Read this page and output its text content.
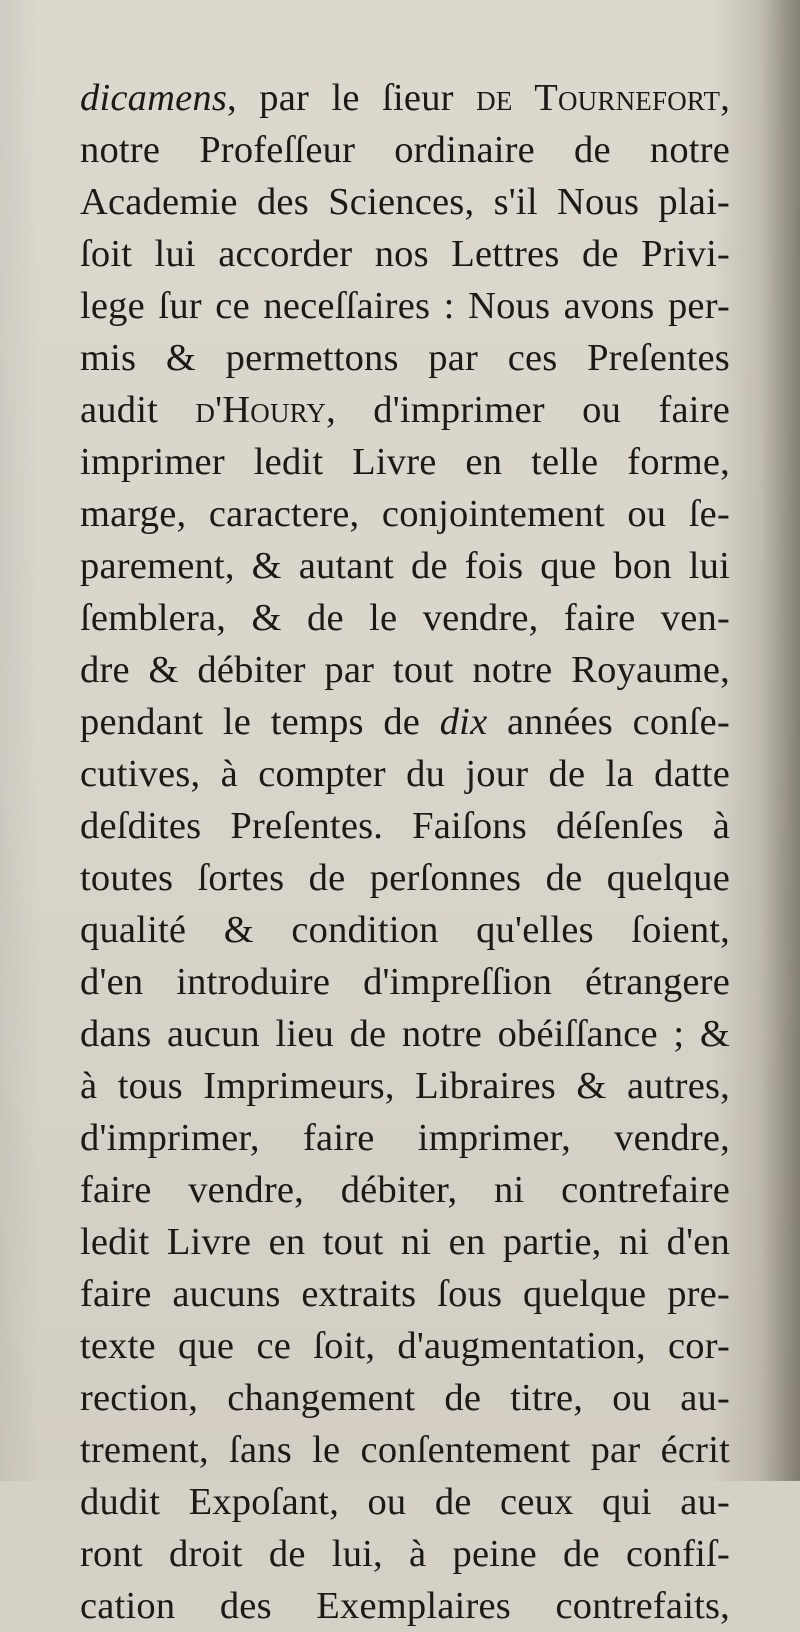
dicamens, par le ſieur de Tournefort,
notre Profeſſeur ordinaire de notre
Academie des Sciences, s'il Nous plai-
ſoit lui accorder nos Lettres de Privi-
lege ſur ce neceſſaires : Nous avons per-
mis & permettons par ces Preſentes
audit d'Houry, d'imprimer ou faire
imprimer ledit Livre en telle forme,
marge, caractere, conjointement ou ſe-
parement, & autant de fois que bon lui
ſemblera, & de le vendre, faire ven-
dre & débiter par tout notre Royaume,
pendant le temps de dix années conſe-
cutives, à compter du jour de la datte
deſdites Preſentes. Faiſons déſenſes à
toutes ſortes de perſonnes de quelque
qualité & condition qu'elles ſoient,
d'en introduire d'impreſſion étrangere
dans aucun lieu de notre obéiſſance ; &
à tous Imprimeurs, Libraires & autres,
d'imprimer, faire imprimer, vendre,
faire vendre, débiter, ni contrefaire
ledit Livre en tout ni en partie, ni d'en
faire aucuns extraits ſous quelque pre-
texte que ce ſoit, d'augmentation, cor-
rection, changement de titre, ou au-
trement, ſans le conſentement par écrit
dudit Expoſant, ou de ceux qui au-
ront droit de lui, à peine de confiſ-
cation des Exemplaires contrefaits,
